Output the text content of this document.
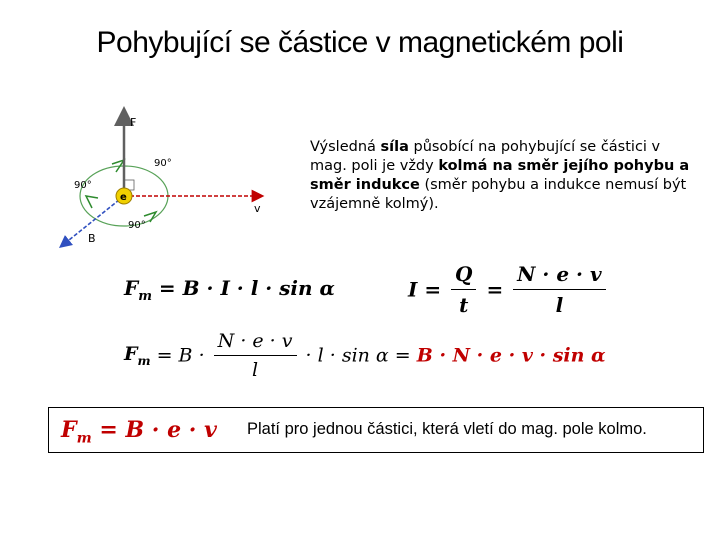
Pohybující se částice v magnetickém poli
e
F
v
B
90°
90°
90°
Výsledná síla působící na pohybující se částici v mag. poli je vždy kolmá na směr jejího pohybu a směr indukce (směr pohybu a indukce nemusí být vzájemně kolmý).
$F_m = B \cdot I \cdot l \cdot \sin \alpha$	$I = \frac{Q}{t} = \frac{N \cdot e \cdot v}{l}$
$F_m = B \cdot \frac{N \cdot e \cdot v}{l} \cdot l \cdot \sin \alpha = B \cdot N \cdot e \cdot v \cdot \sin \alpha$
$F_m = B \cdot e \cdot v$ Platí pro jednou částici, která vletí do mag. pole kolmo.
